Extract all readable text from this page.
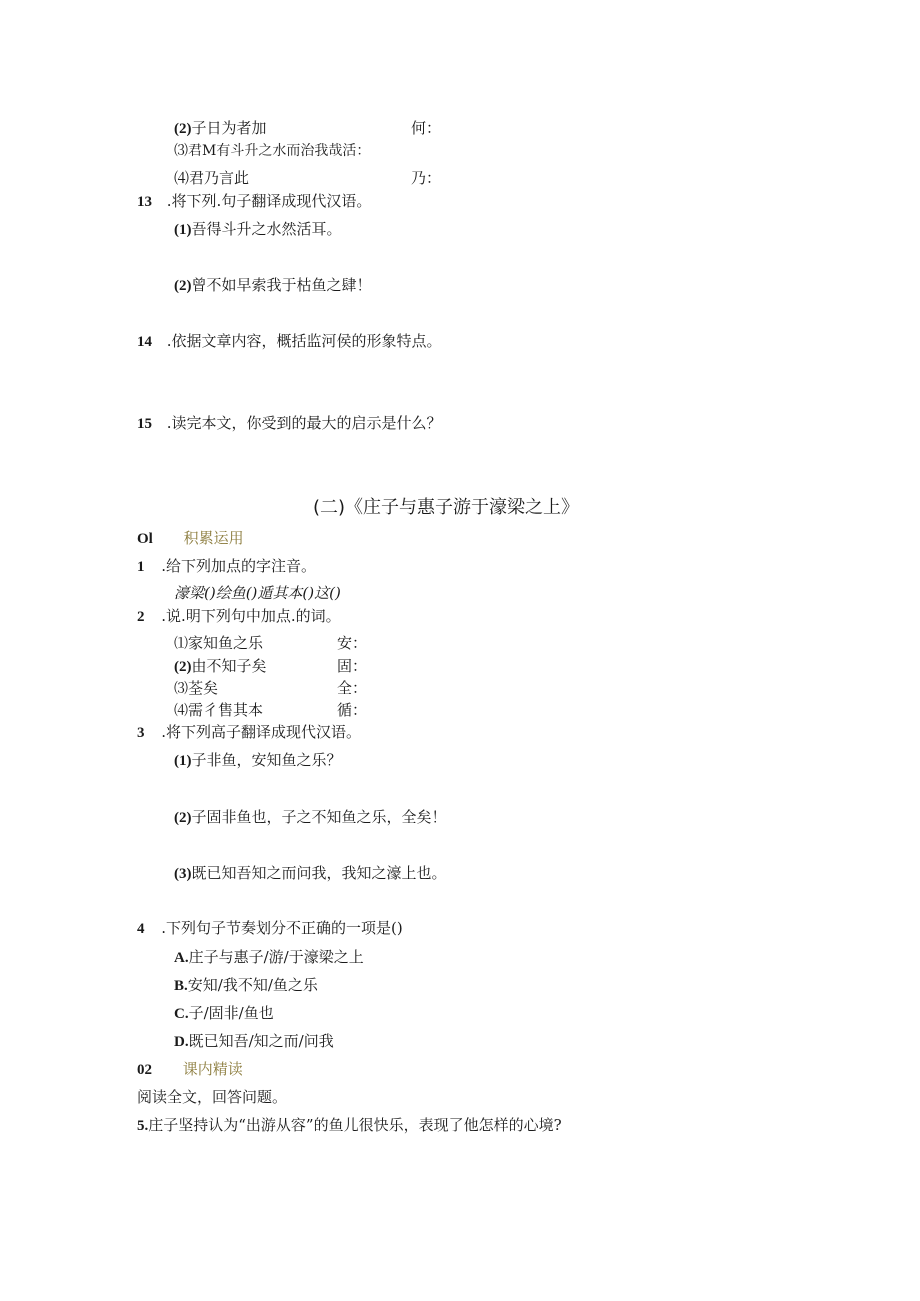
(2)子日为者加	何：
⑶君M有斗升之水而治我哉活：
⑷君乃言此	乃：
13 .将下列.句子翻译成现代汉语。
(1)吾得斗升之水然活耳。
(2)曾不如早索我于枯鱼之肆！
14 .依据文章内容，概括监河侯的形象特点。
15 .读完本文，你受到的最大的启示是什么？
(二)《庄子与惠子游于濠梁之上》
Ol 积累运用
1 .给下列加点的字注音。
濠梁()绘鱼()遁其本()这()
2 .说.明下列句中加点.的词。
⑴家知鱼之乐	安：
(2)由不知子矣	固：
⑶荃矣	全：
⑷需彳售其本	循：
3 .将下列高子翻译成现代汉语。
(1)子非鱼，安知鱼之乐？
(2)子固非鱼也，子之不知鱼之乐，全矣！
(3)既已知吾知之而问我，我知之濠上也。
4 .下列句子节奏划分不正确的一项是()
A.庄子与惠子/游/于濠梁之上
B.安知/我不知/鱼之乐
C.子/固非/鱼也
D.既已知吾/知之而/问我
02 课内精读
阅读全文，回答问题。
5.庄子坚持认为“出游从容”的鱼儿很快乐，表现了他怎样的心境?
